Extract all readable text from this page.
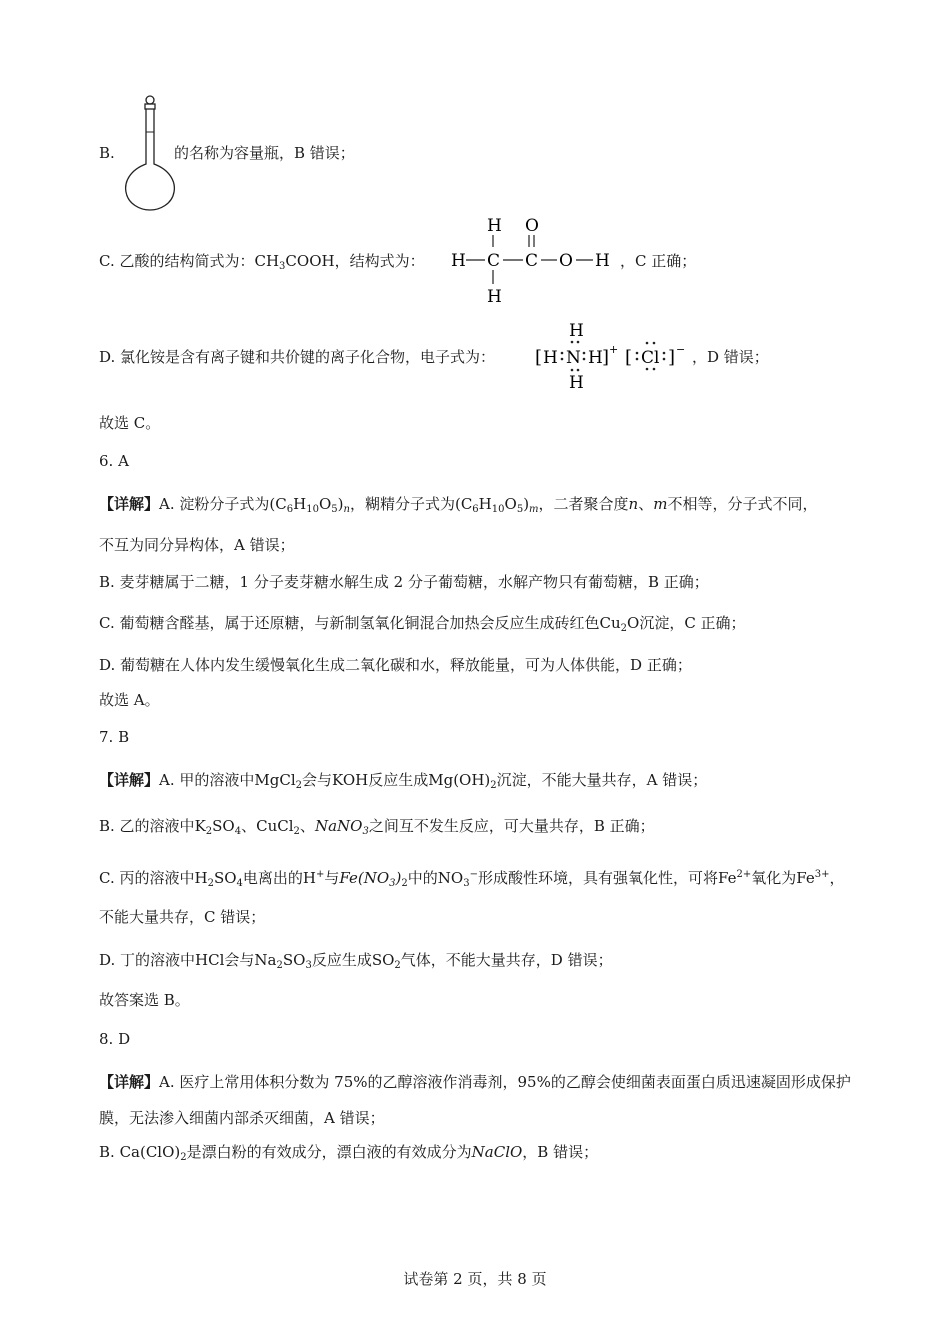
B.	的名称为容量瓶，B 错误；
C. 乙酸的结构简式为：$CH_3COOH$，结构式为：
H O
H C C O H
H
，C 正确；
D. 氯化铵是含有离子键和共价键的离子化合物，电子式为： [ H N H
H
H
] + [ Cl ] − ，D 错误；
故选 C。
6. A
【详解】A. 淀粉分子式为$(C_6H_{10}O_5)_n$，糊精分子式为$(C_6H_{10}O_5)_m$，二者聚合度n、m不相等，分子式不同，
不互为同分异构体，A 错误；
B. 麦芽糖属于二糖，1 分子麦芽糖水解生成 2 分子葡萄糖，水解产物只有葡萄糖，B 正确；
C. 葡萄糖含醛基，属于还原糖，与新制氢氧化铜混合加热会反应生成砖红色$Cu_2O$沉淀，C 正确；
D. 葡萄糖在人体内发生缓慢氧化生成二氧化碳和水，释放能量，可为人体供能，D 正确；
故选 A。
7. B
【详解】A. 甲的溶液中MgCl$_2$会与KOH反应生成$Mg(OH)_2$沉淀，不能大量共存，A 错误；
B. 乙的溶液中$K_2SO_4$、CuCl$_2$、NaNO$_3$之间互不发生反应，可大量共存，B 正确；
C. 丙的溶液中$H_2SO_4$电离出的H+与$Fe(NO_3)_2$中的$NO_3^-$形成酸性环境，具有强氧化性，可将$Fe^{2+}$氧化为$Fe^{3+}$，
不能大量共存，C 错误；
D. 丁的溶液中HCl会与$Na_2SO_3$反应生成$SO_2$气体，不能大量共存，D 错误；
故答案选 B。
8. D
【详解】A. 医疗上常用体积分数为 75%的乙醇溶液作消毒剂，95%的乙醇会使细菌表面蛋白质迅速凝固形成保护膜，无法渗入细菌内部杀灭细菌，A 错误；
B. $Ca(ClO)_2$是漂白粉的有效成分，漂白液的有效成分为NaClO，B 错误；
试卷第 2 页，共 8 页
